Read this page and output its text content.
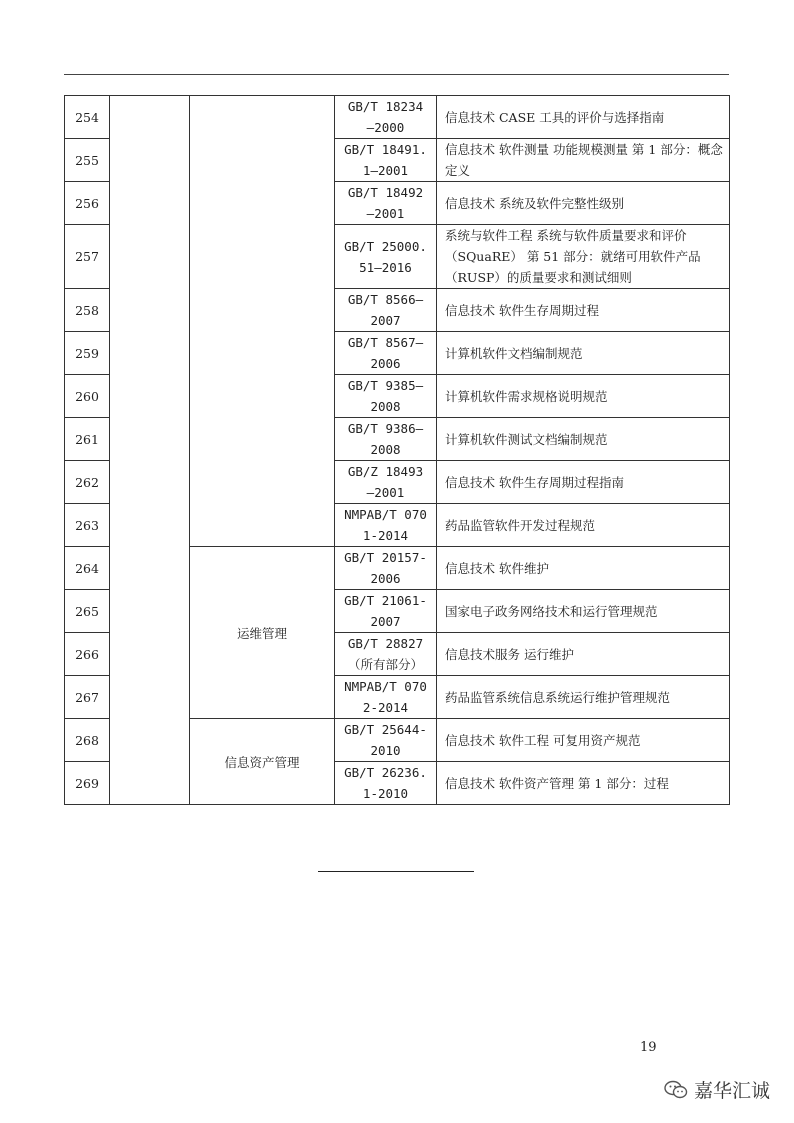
254			GB/T 18234
—2000	信息技术 CASE 工具的评价与选择指南
255			GB/T 18491.
1—2001	信息技术 软件测量 功能规模测量 第 1 部分：概念定义
256			GB/T 18492
—2001	信息技术 系统及软件完整性级别
257			GB/T 25000.
51—2016	系统与软件工程 系统与软件质量要求和评价（SQuaRE） 第 51 部分：就绪可用软件产品（RUSP）的质量要求和测试细则
258			GB/T 8566—
2007	信息技术 软件生存周期过程
259			GB/T 8567—
2006	计算机软件文档编制规范
260			GB/T 9385—
2008	计算机软件需求规格说明规范
261			GB/T 9386—
2008	计算机软件测试文档编制规范
262			GB/Z 18493
—2001	信息技术 软件生存周期过程指南
263			NMPAB/T 070
1-2014	药品监管软件开发过程规范
264		运维管理	GB/T 20157-
2006	信息技术 软件维护
265			GB/T 21061-
2007	国家电子政务网络技术和运行管理规范
266			GB/T 28827
（所有部分）	信息技术服务 运行维护
267			NMPAB/T 070
2-2014	药品监管系统信息系统运行维护管理规范
268		信息资产管理	GB/T 25644-
2010	信息技术 软件工程 可复用资产规范
269			GB/T 26236.
1-2010	信息技术 软件资产管理 第 1 部分：过程
19
嘉华汇诚
